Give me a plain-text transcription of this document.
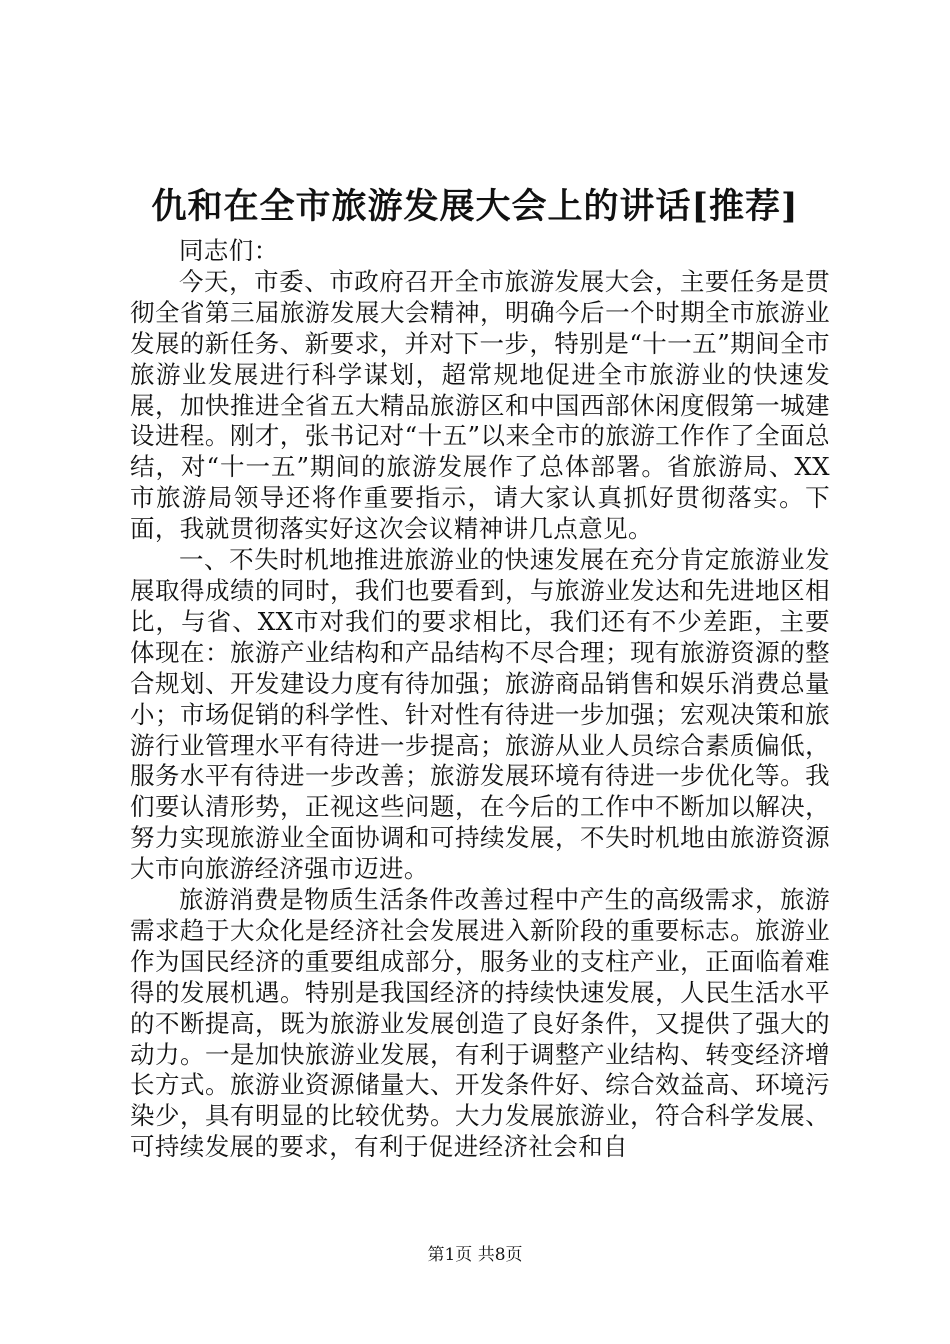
仇和在全市旅游发展大会上的讲话[推荐]

同志们：

今天，市委、市政府召开全市旅游发展大会，主要任务是贯彻全省第三届旅游发展大会精神，明确今后一个时期全市旅游业发展的新任务、新要求，并对下一步，特别是“十一五”期间全市旅游业发展进行科学谋划，超常规地促进全市旅游业的快速发展，加快推进全省五大精品旅游区和中国西部休闲度假第一城建设进程。刚才，张书记对“十五”以来全市的旅游工作作了全面总结，对“十一五”期间的旅游发展作了总体部署。省旅游局、XX市旅游局领导还将作重要指示，请大家认真抓好贯彻落实。下面，我就贯彻落实好这次会议精神讲几点意见。

一、不失时机地推进旅游业的快速发展在充分肯定旅游业发展取得成绩的同时，我们也要看到，与旅游业发达和先进地区相比，与省、XX市对我们的要求相比，我们还有不少差距，主要体现在：旅游产业结构和产品结构不尽合理；现有旅游资源的整合规划、开发建设力度有待加强；旅游商品销售和娱乐消费总量小；市场促销的科学性、针对性有待进一步加强；宏观决策和旅游行业管理水平有待进一步提高；旅游从业人员综合素质偏低，服务水平有待进一步改善；旅游发展环境有待进一步优化等。我们要认清形势，正视这些问题，在今后的工作中不断加以解决，努力实现旅游业全面协调和可持续发展，不失时机地由旅游资源大市向旅游经济强市迈进。

旅游消费是物质生活条件改善过程中产生的高级需求，旅游需求趋于大众化是经济社会发展进入新阶段的重要标志。旅游业作为国民经济的重要组成部分，服务业的支柱产业，正面临着难得的发展机遇。特别是我国经济的持续快速发展，人民生活水平的不断提高，既为旅游业发展创造了良好条件，又提供了强大的动力。一是加快旅游业发展，有利于调整产业结构、转变经济增长方式。旅游业资源储量大、开发条件好、综合效益高、环境污染少，具有明显的比较优势。大力发展旅游业，符合科学发展、可持续发展的要求，有利于促进经济社会和自

第1页 共8页
